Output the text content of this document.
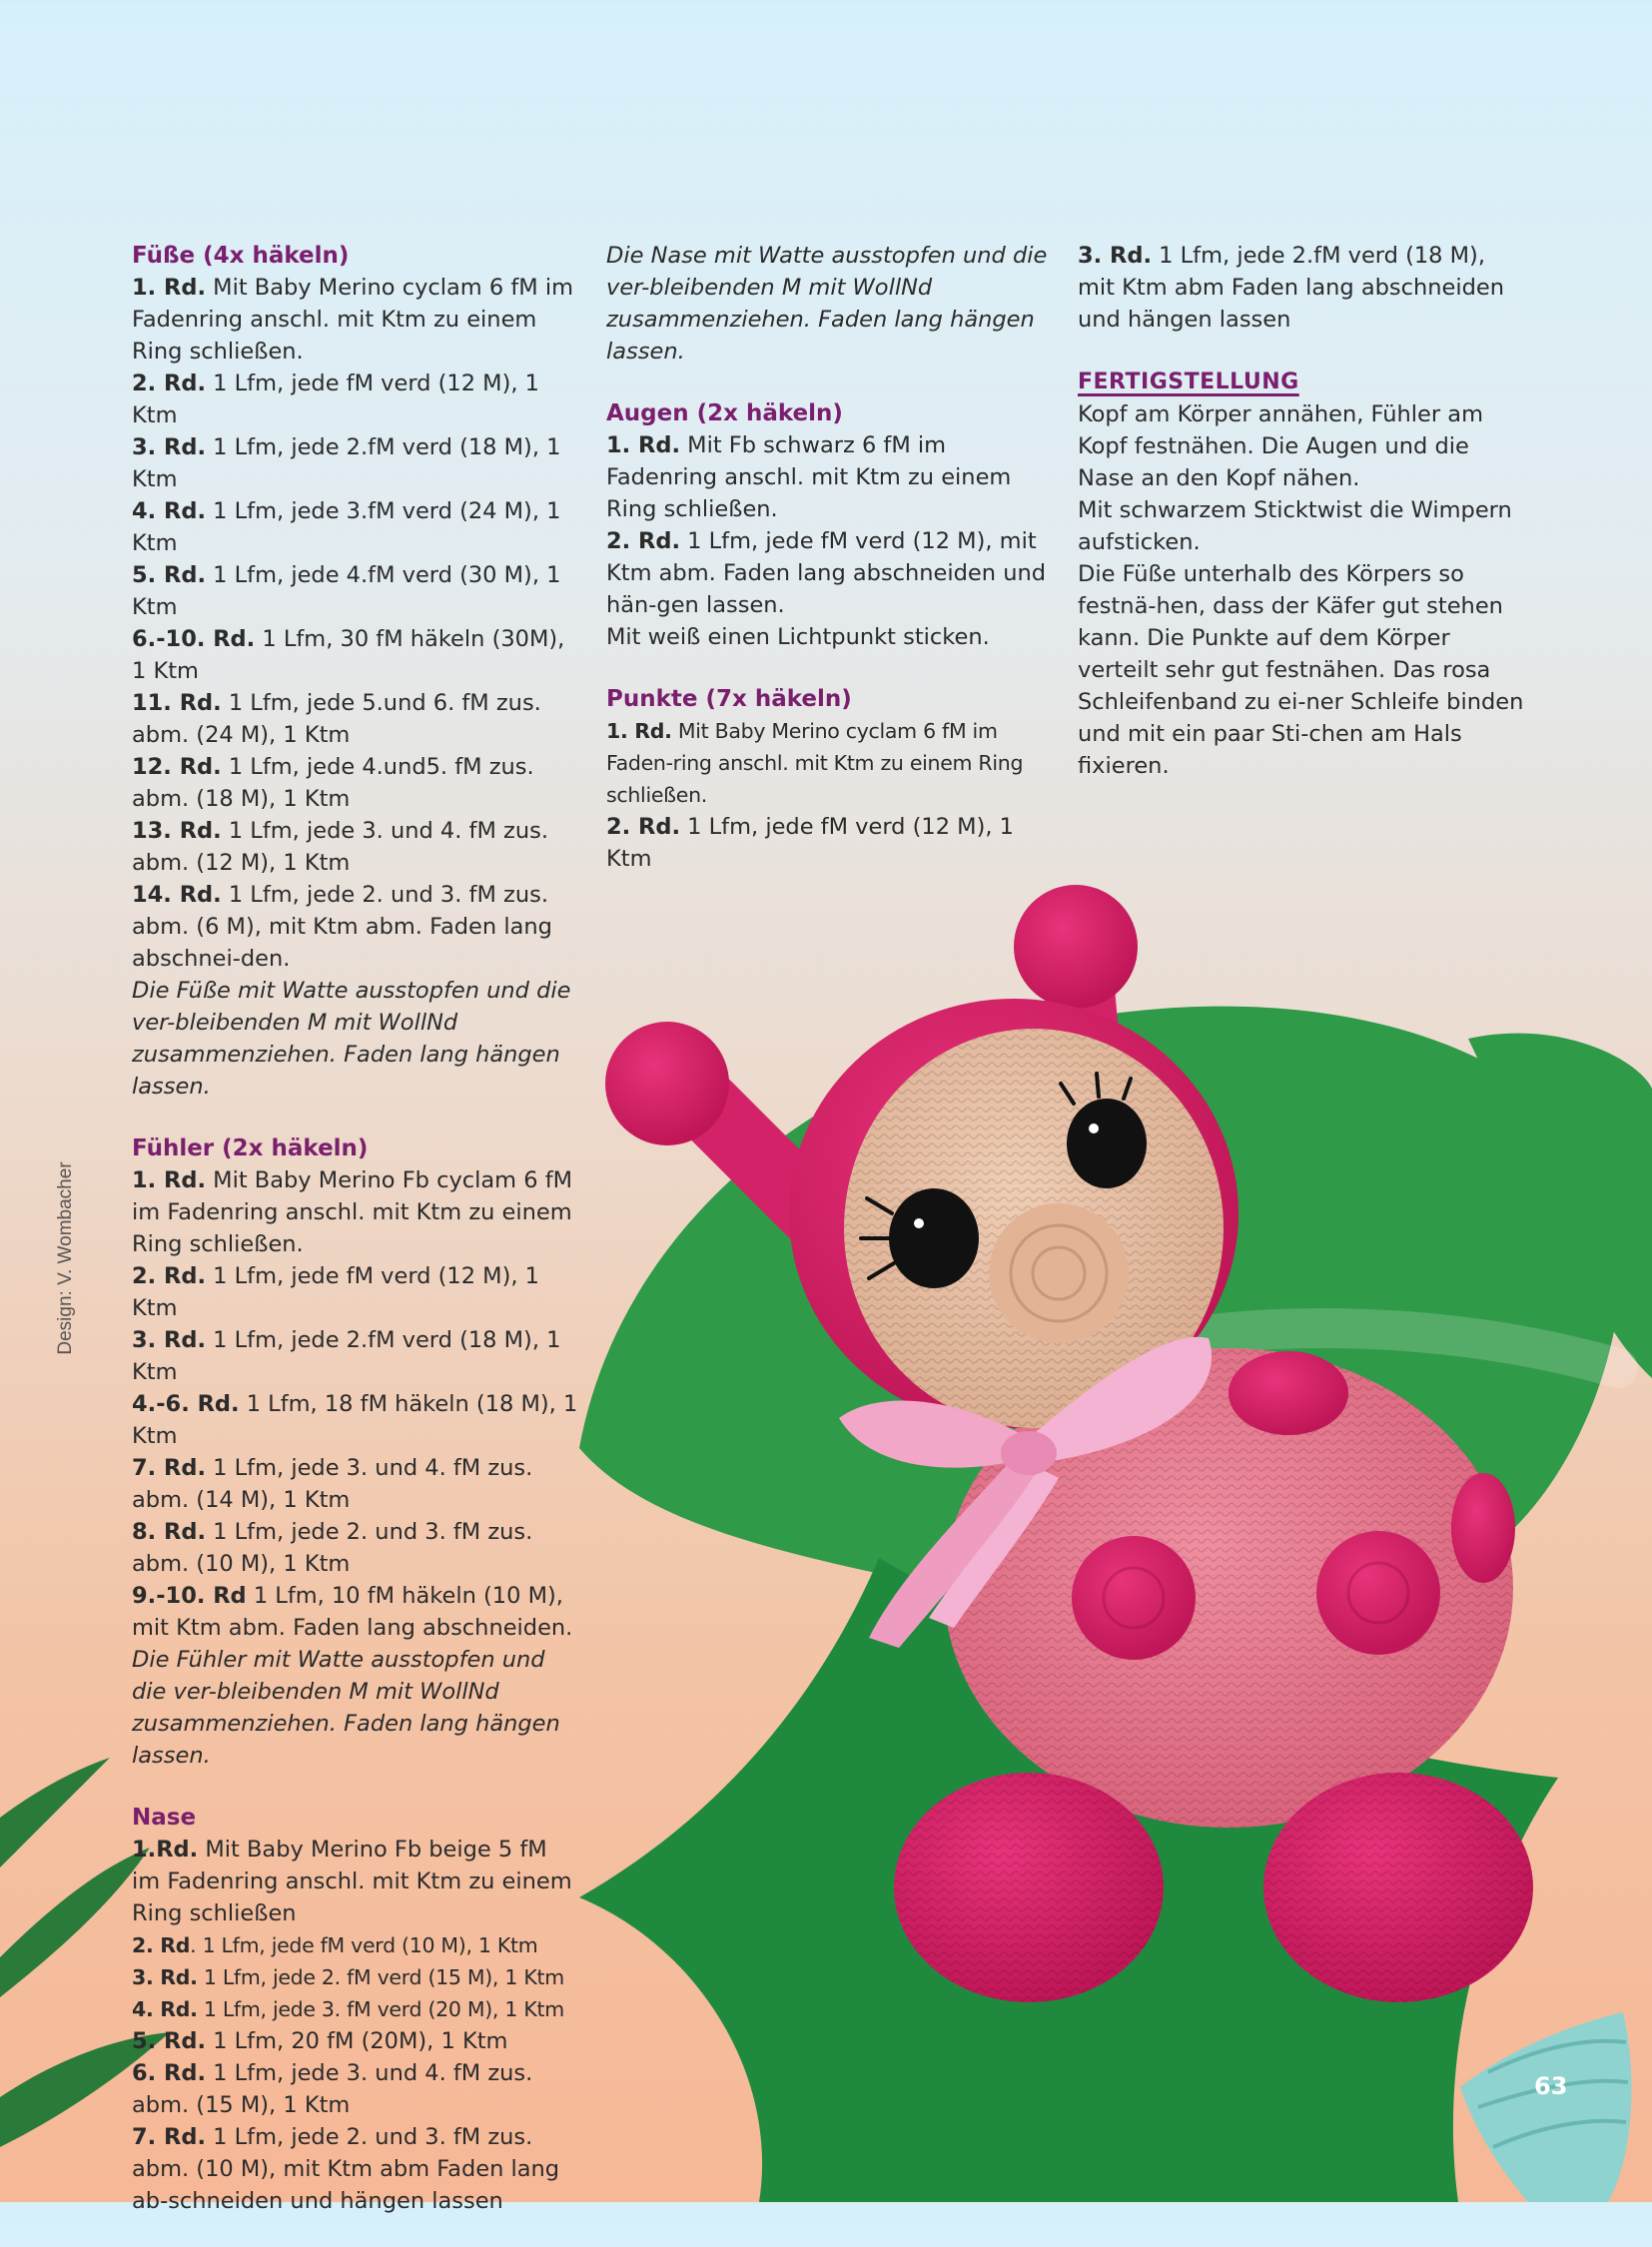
Design: V. Wombacher
Füße (4x häkeln)
1. Rd. Mit Baby Merino cyclam 6 fM im Fadenring anschl. mit Ktm zu einem Ring schließen.
2. Rd. 1 Lfm, jede fM verd (12 M), 1 Ktm
3. Rd. 1 Lfm, jede 2.fM verd (18 M), 1 Ktm
4. Rd. 1 Lfm, jede 3.fM verd (24 M), 1 Ktm
5. Rd. 1 Lfm, jede 4.fM verd (30 M), 1 Ktm
6.-10. Rd. 1 Lfm, 30 fM häkeln (30M), 1 Ktm
11. Rd. 1 Lfm, jede 5.und 6. fM zus. abm. (24 M), 1 Ktm
12. Rd. 1 Lfm, jede 4.und5. fM zus. abm. (18 M), 1 Ktm
13. Rd. 1 Lfm, jede 3. und 4. fM zus. abm. (12 M), 1 Ktm
14. Rd. 1 Lfm, jede 2. und 3. fM zus. abm. (6 M), mit Ktm abm. Faden lang abschnei-den.
Die Füße mit Watte ausstopfen und die ver-bleibenden M mit WollNd zusammenziehen. Faden lang hängen lassen.
Fühler (2x häkeln)
1. Rd. Mit Baby Merino Fb cyclam 6 fM im Fadenring anschl. mit Ktm zu einem Ring schließen.
2. Rd. 1 Lfm, jede fM verd (12 M), 1 Ktm
3. Rd. 1 Lfm, jede 2.fM verd (18 M), 1 Ktm
4.-6. Rd. 1 Lfm, 18 fM häkeln (18 M), 1 Ktm
7. Rd. 1 Lfm, jede 3. und 4. fM zus. abm. (14 M), 1 Ktm
8. Rd. 1 Lfm, jede 2. und 3. fM zus. abm. (10 M), 1 Ktm
9.-10. Rd 1 Lfm, 10 fM häkeln (10 M), mit Ktm abm. Faden lang abschneiden.
Die Fühler mit Watte ausstopfen und die ver-bleibenden M mit WollNd zusammenziehen. Faden lang hängen lassen.
Nase
1.Rd. Mit Baby Merino Fb beige 5 fM im Fadenring anschl. mit Ktm zu einem Ring schließen
2. Rd. 1 Lfm, jede fM verd (10 M), 1 Ktm
3. Rd. 1 Lfm, jede 2. fM verd (15 M), 1 Ktm
4. Rd. 1 Lfm, jede 3. fM verd (20 M), 1 Ktm
5. Rd. 1 Lfm, 20 fM (20M), 1 Ktm
6. Rd. 1 Lfm, jede 3. und 4. fM zus. abm. (15 M), 1 Ktm
7. Rd. 1 Lfm, jede 2. und 3. fM zus. abm. (10 M), mit Ktm abm Faden lang ab-schneiden und hängen lassen
Die Nase mit Watte ausstopfen und die ver-bleibenden M mit WollNd zusammenziehen. Faden lang hängen lassen.
Augen (2x häkeln)
1. Rd. Mit Fb schwarz 6 fM im Fadenring anschl. mit Ktm zu einem Ring schließen.
2. Rd. 1 Lfm, jede fM verd (12 M), mit Ktm abm. Faden lang abschneiden und hän-gen lassen.
Mit weiß einen Lichtpunkt sticken.
Punkte (7x häkeln)
1. Rd. Mit Baby Merino cyclam 6 fM im Faden-ring anschl. mit Ktm zu einem Ring schließen.
2. Rd. 1 Lfm, jede fM verd (12 M), 1 Ktm
3. Rd. 1 Lfm, jede 2.fM verd (18 M), mit Ktm abm Faden lang abschneiden und hängen lassen
FERTIGSTELLUNG
Kopf am Körper annähen, Fühler am Kopf festnähen. Die Augen und die Nase an den Kopf nähen.
Mit schwarzem Sticktwist die Wimpern aufsticken.
Die Füße unterhalb des Körpers so festnä-hen, dass der Käfer gut stehen kann. Die Punkte auf dem Körper verteilt sehr gut festnähen. Das rosa Schleifenband zu ei-ner Schleife binden und mit ein paar Sti-chen am Hals fixieren.
63
